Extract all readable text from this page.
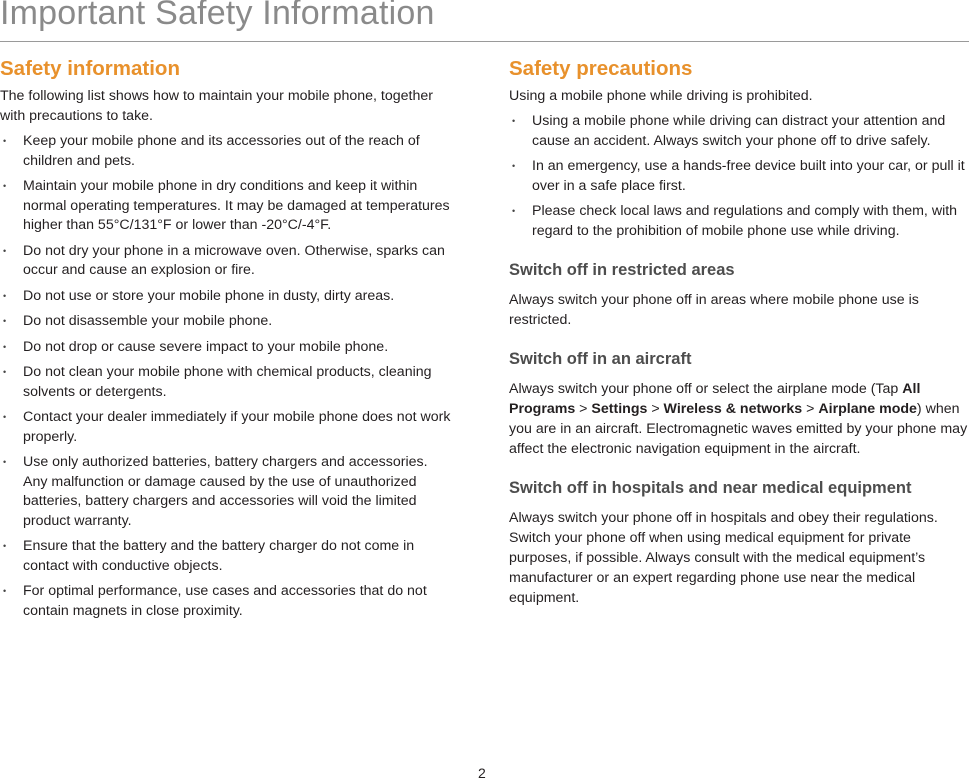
Important Safety Information
Safety information

The following list shows how to maintain your mobile phone, together with precautions to take.

• Keep your mobile phone and its accessories out of the reach of children and pets.
• Maintain your mobile phone in dry conditions and keep it within normal operating temperatures. It may be damaged at temperatures higher than 55°C/131°F or lower than -20°C/-4°F.
• Do not dry your phone in a microwave oven. Otherwise, sparks can occur and cause an explosion or fire.
• Do not use or store your mobile phone in dusty, dirty areas.
• Do not disassemble your mobile phone.
• Do not drop or cause severe impact to your mobile phone.
• Do not clean your mobile phone with chemical products, cleaning solvents or detergents.
• Contact your dealer immediately if your mobile phone does not work properly.
• Use only authorized batteries, battery chargers and accessories. Any malfunction or damage caused by the use of unauthorized batteries, battery chargers and accessories will void the limited product warranty.
• Ensure that the battery and the battery charger do not come in contact with conductive objects.
• For optimal performance, use cases and accessories that do not contain magnets in close proximity.
Safety precautions

Using a mobile phone while driving is prohibited.

• Using a mobile phone while driving can distract your attention and cause an accident. Always switch your phone off to drive safely.
• In an emergency, use a hands-free device built into your car, or pull it over in a safe place first.
• Please check local laws and regulations and comply with them, with regard to the prohibition of mobile phone use while driving.
Switch off in restricted areas

Always switch your phone off in areas where mobile phone use is restricted.

Switch off in an aircraft

Always switch your phone off or select the airplane mode (Tap All Programs > Settings > Wireless & networks > Airplane mode) when you are in an aircraft. Electromagnetic waves emitted by your phone may affect the electronic navigation equipment in the aircraft.

Switch off in hospitals and near medical equipment

Always switch your phone off in hospitals and obey their regulations. Switch your phone off when using medical equipment for private purposes, if possible. Always consult with the medical equipment’s manufacturer or an expert regarding phone use near the medical equipment.

2
